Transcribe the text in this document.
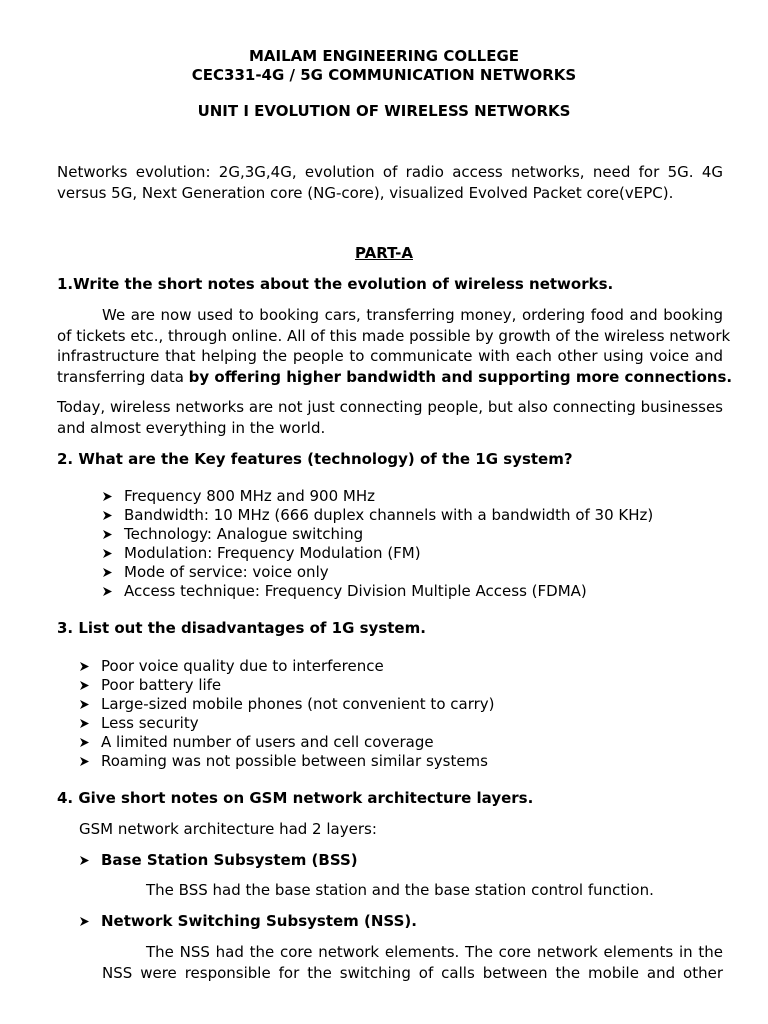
MAILAM ENGINEERING COLLEGE
CEC331-4G / 5G COMMUNICATION NETWORKS
UNIT I EVOLUTION OF WIRELESS NETWORKS
Networks evolution: 2G,3G,4G, evolution of radio access networks, need for 5G. 4G
versus 5G, Next Generation core (NG-core), visualized Evolved Packet core(vEPC).
PART-A
1.Write the short notes about the evolution of wireless networks.
We are now used to booking cars, transferring money, ordering food and booking
of tickets etc., through online. All of this made possible by growth of the wireless network
infrastructure that helping the people to communicate with each other using voice and
transferring data by offering higher bandwidth and supporting more connections.
Today, wireless networks are not just connecting people, but also connecting businesses
and almost everything in the world.
2. What are the Key features (technology) of the 1G system?
Frequency 800 MHz and 900 MHz
Bandwidth: 10 MHz (666 duplex channels with a bandwidth of 30 KHz)
Technology: Analogue switching
Modulation: Frequency Modulation (FM)
Mode of service: voice only
Access technique: Frequency Division Multiple Access (FDMA)
3. List out the disadvantages of 1G system.
Poor voice quality due to interference
Poor battery life
Large-sized mobile phones (not convenient to carry)
Less security
A limited number of users and cell coverage
Roaming was not possible between similar systems
4. Give short notes on GSM network architecture layers.
GSM network architecture had 2 layers:
Base Station Subsystem (BSS)
The BSS had the base station and the base station control function.
Network Switching Subsystem (NSS).
The NSS had the core network elements. The core network elements in the
NSS were responsible for the switching of calls between the mobile and other
